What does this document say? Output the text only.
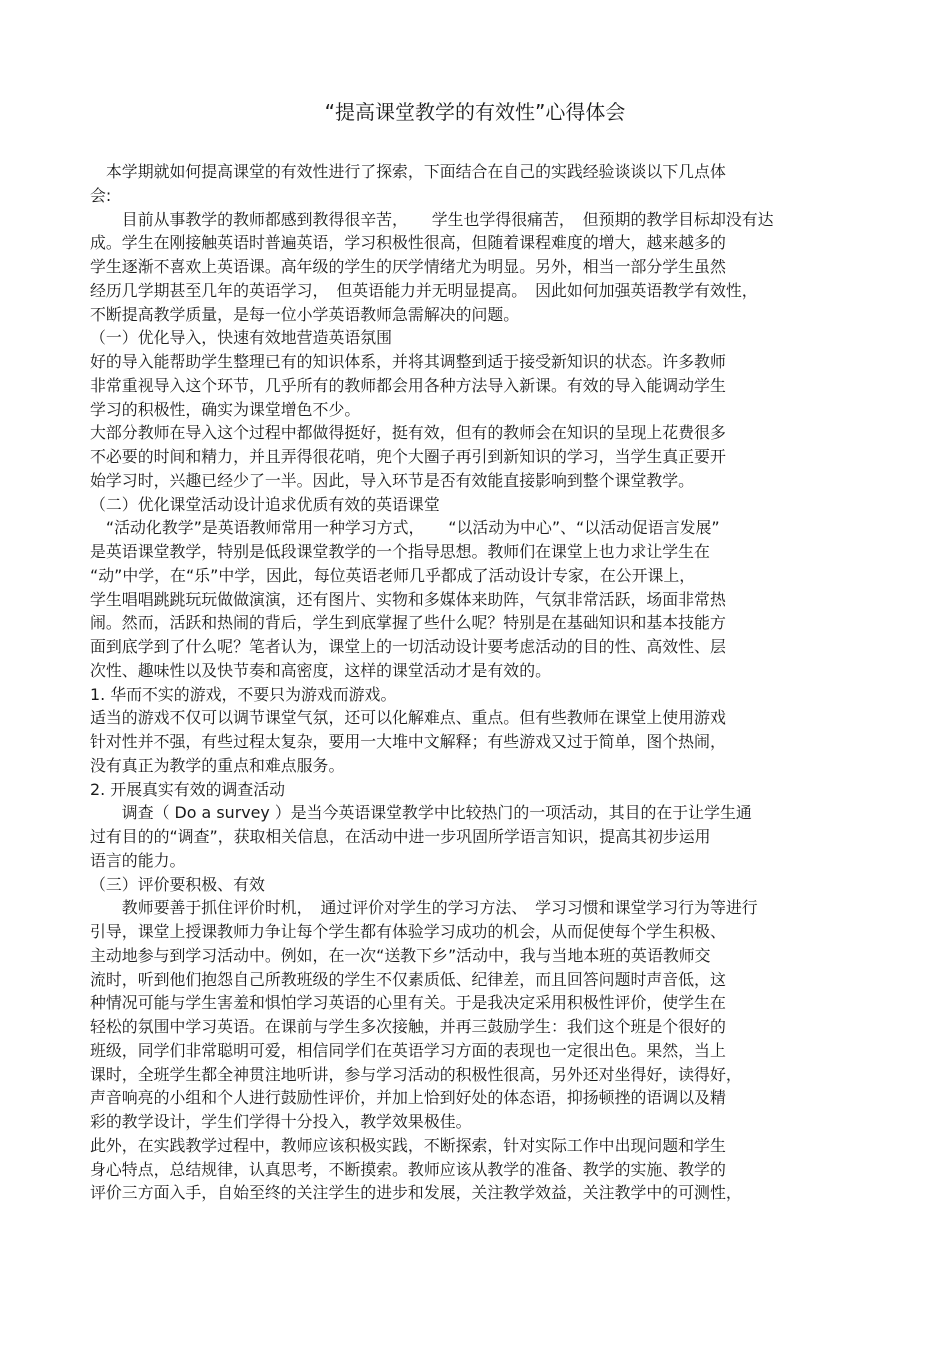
“提高课堂教学的有效性”心得体会
　本学期就如何提高课堂的有效性进行了探索，下面结合在自己的实践经验谈谈以下几点体
会:
　　目前从事教学的教师都感到教得很辛苦，　　学生也学得很痛苦，　但预期的教学目标却没有达
成。学生在刚接触英语时普遍英语，学习积极性很高，但随着课程难度的增大，越来越多的
学生逐渐不喜欢上英语课。高年级的学生的厌学情绪尤为明显。另外，相当一部分学生虽然
经历几学期甚至几年的英语学习，　但英语能力并无明显提高。　因此如何加强英语教学有效性，
不断提高教学质量，是每一位小学英语教师急需解决的问题。
（一）优化导入，快速有效地营造英语氛围
好的导入能帮助学生整理已有的知识体系，并将其调整到适于接受新知识的状态。许多教师
非常重视导入这个环节，几乎所有的教师都会用各种方法导入新课。有效的导入能调动学生
学习的积极性，确实为课堂增色不少。
大部分教师在导入这个过程中都做得挺好，挺有效，但有的教师会在知识的呈现上花费很多
不必要的时间和精力，并且弄得很花哨，兜个大圈子再引到新知识的学习，当学生真正要开
始学习时，兴趣已经少了一半。因此，导入环节是否有效能直接影响到整个课堂教学。
（二）优化课堂活动设计追求优质有效的英语课堂
　“活动化教学”是英语教师常用一种学习方式，　　“以活动为中心”、“以活动促语言发展”
是英语课堂教学，特别是低段课堂教学的一个指导思想。教师们在课堂上也力求让学生在
“动”中学，在“乐”中学，因此，每位英语老师几乎都成了活动设计专家，在公开课上，
学生唱唱跳跳玩玩做做演演，还有图片、实物和多媒体来助阵，气氛非常活跃，场面非常热
闹。然而，活跃和热闹的背后，学生到底掌握了些什么呢？特别是在基础知识和基本技能方
面到底学到了什么呢？笔者认为，课堂上的一切活动设计要考虑活动的目的性、高效性、层
次性、趣味性以及快节奏和高密度，这样的课堂活动才是有效的。
1. 华而不实的游戏，不要只为游戏而游戏。
适当的游戏不仅可以调节课堂气氛，还可以化解难点、重点。但有些教师在课堂上使用游戏
针对性并不强，有些过程太复杂，要用一大堆中文解释；有些游戏又过于简单，图个热闹，
没有真正为教学的重点和难点服务。
2. 开展真实有效的调查活动
　　调查（ Do a survey ）是当今英语课堂教学中比较热门的一项活动，其目的在于让学生通
过有目的的“调查”，获取相关信息，在活动中进一步巩固所学语言知识，提高其初步运用
语言的能力。
（三）评价要积极、有效
　　教师要善于抓住评价时机，　通过评价对学生的学习方法、　学习习惯和课堂学习行为等进行
引导，课堂上授课教师力争让每个学生都有体验学习成功的机会，从而促使每个学生积极、
主动地参与到学习活动中。例如，在一次“送教下乡”活动中，我与当地本班的英语教师交
流时，听到他们抱怨自己所教班级的学生不仅素质低、纪律差，而且回答问题时声音低，这
种情况可能与学生害羞和惧怕学习英语的心里有关。于是我决定采用积极性评价，使学生在
轻松的氛围中学习英语。在课前与学生多次接触，并再三鼓励学生：我们这个班是个很好的
班级，同学们非常聪明可爱，相信同学们在英语学习方面的表现也一定很出色。果然，当上
课时，全班学生都全神贯注地听讲，参与学习活动的积极性很高，另外还对坐得好，读得好，
声音响亮的小组和个人进行鼓励性评价，并加上恰到好处的体态语，抑扬顿挫的语调以及精
彩的教学设计，学生们学得十分投入，教学效果极佳。
此外，在实践教学过程中，教师应该积极实践，不断探索，针对实际工作中出现问题和学生
身心特点，总结规律，认真思考，不断摸索。教师应该从教学的准备、教学的实施、教学的
评价三方面入手，自始至终的关注学生的进步和发展，关注教学效益，关注教学中的可测性，
